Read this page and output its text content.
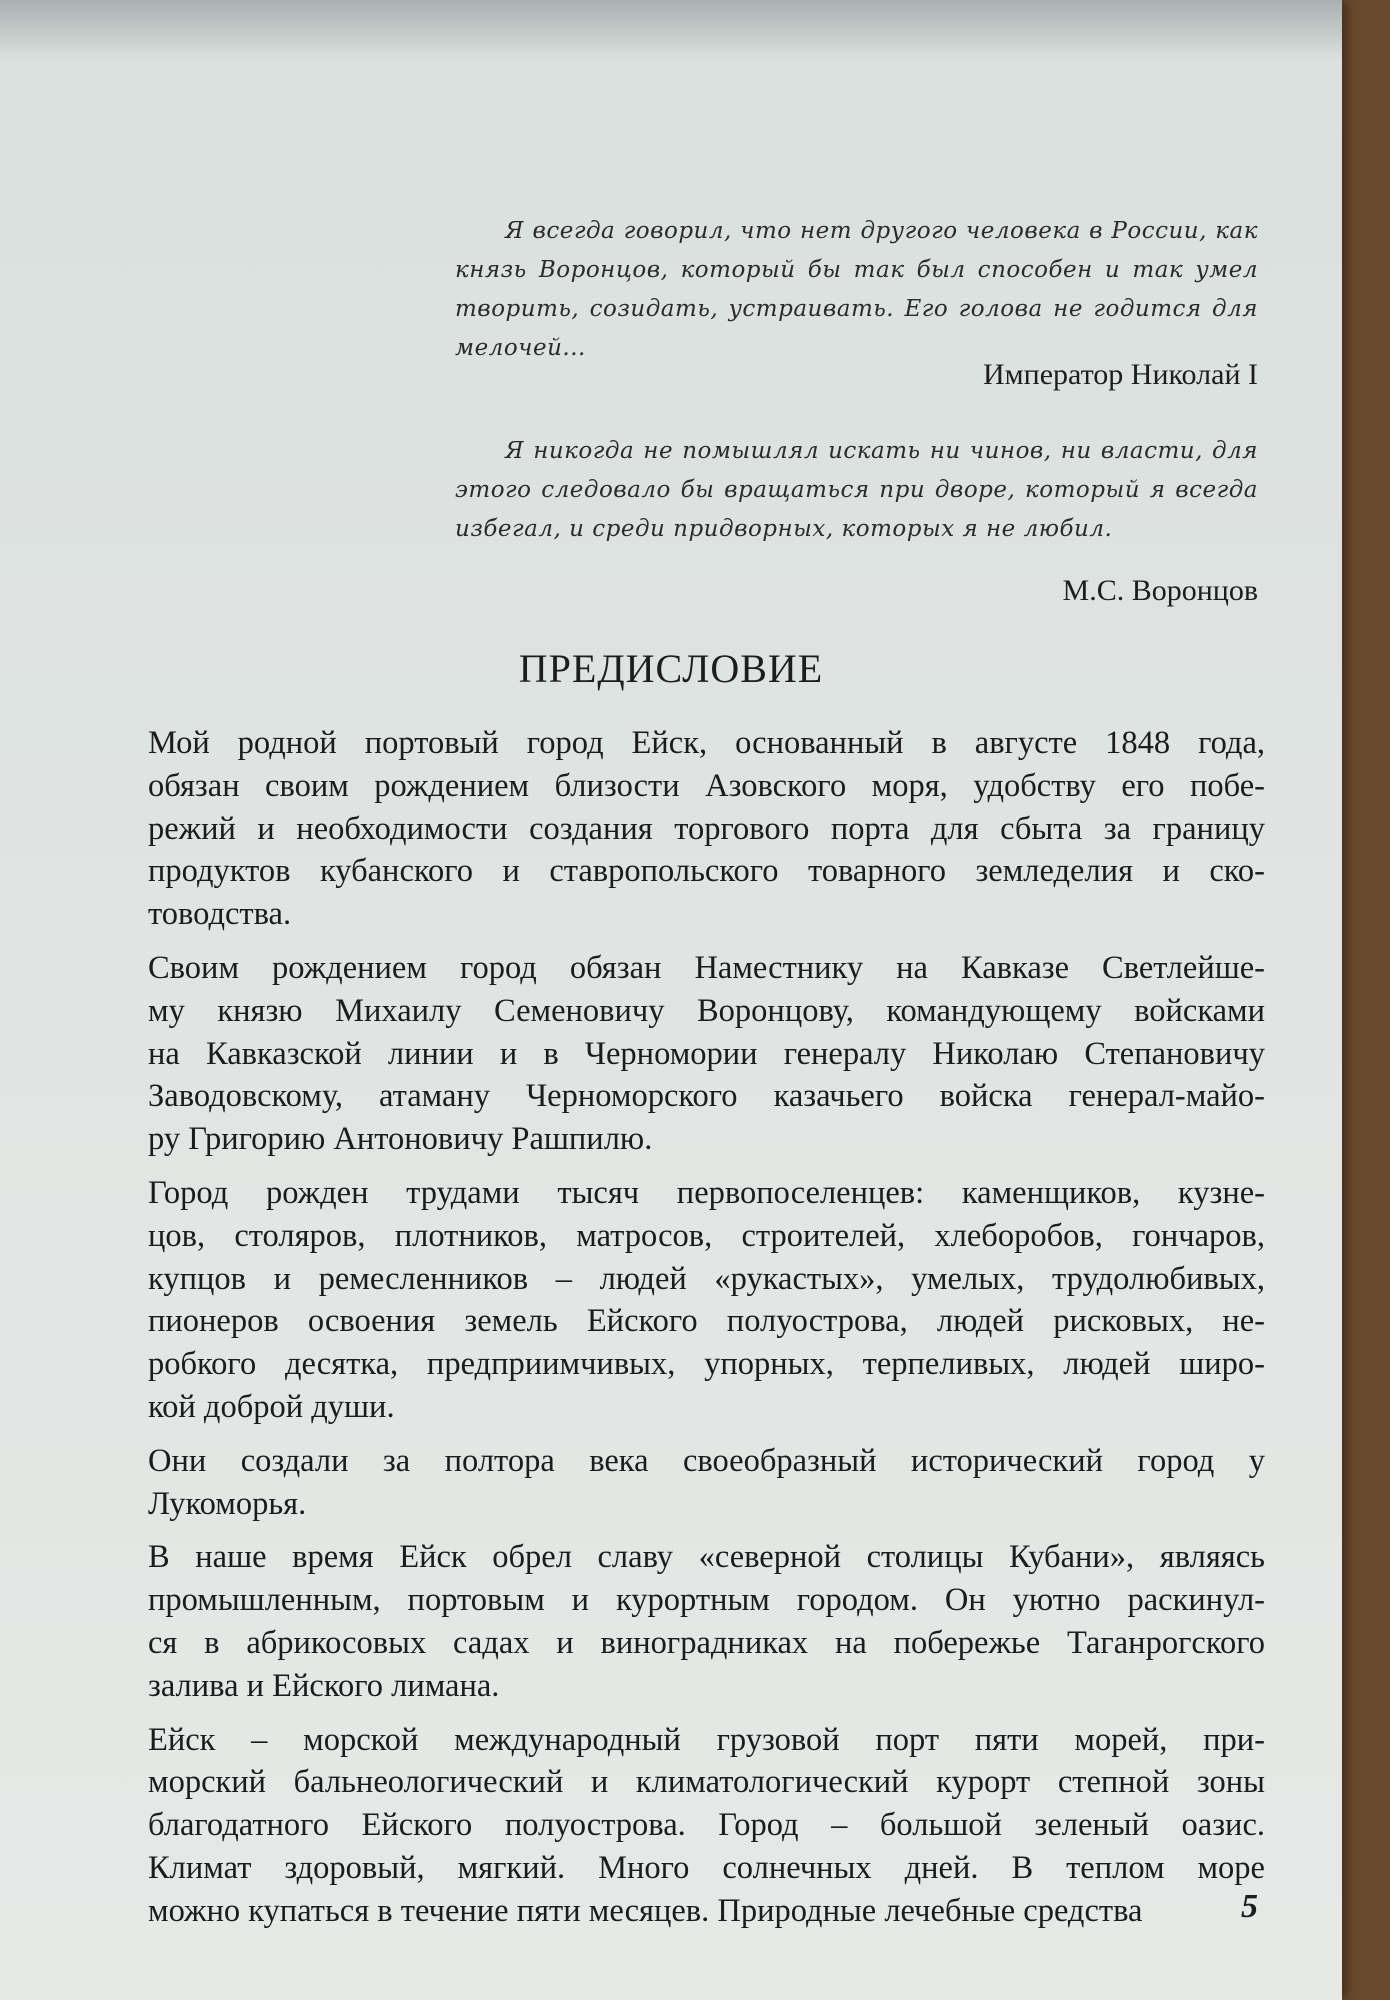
Я всегда говорил, что нет другого человека в России, как князь Воронцов, который бы так был способен и так умел творить, созидать, устраивать. Его голова не годится для мелочей...

Император Николай I

Я никогда не помышлял искать ни чинов, ни власти, для этого следовало бы вращаться при дворе, который я всегда избегал, и среди придворных, которых я не любил.

М.С. Воронцов
ПРЕДИСЛОВИЕ

Мой родной портовый город Ейск, основанный в августе 1848 года,
обязан своим рождением близости Азовского моря, удобству его побе-
режий и необходимости создания торгового порта для сбыта за границу
продуктов кубанского и ставропольского товарного земледелия и ско-
товодства.

Своим рождением город обязан Наместнику на Кавказе Светлейше-
му князю Михаилу Семеновичу Воронцову, командующему войсками
на Кавказской линии и в Черномории генералу Николаю Степановичу
Заводовскому, атаману Черноморского казачьего войска генерал-майо-
ру Григорию Антоновичу Рашпилю.

Город рожден трудами тысяч первопоселенцев: каменщиков, кузне-
цов, столяров, плотников, матросов, строителей, хлеборобов, гончаров,
купцов и ремесленников – людей «рукастых», умелых, трудолюбивых,
пионеров освоения земель Ейского полуострова, людей рисковых, не-
робкого десятка, предприимчивых, упорных, терпеливых, людей широ-
кой доброй души.

Они создали за полтора века своеобразный исторический город у
Лукоморья.

В наше время Ейск обрел славу «северной столицы Кубани», являясь
промышленным, портовым и курортным городом. Он уютно раскинул-
ся в абрикосовых садах и виноградниках на побережье Таганрогского
залива и Ейского лимана.

Ейск – морской международный грузовой порт пяти морей, при-
морский бальнеологический и климатологический курорт степной зоны
благодатного Ейского полуострова. Город – большой зеленый оазис.
Климат здоровый, мягкий. Много солнечных дней. В теплом море
можно купаться в течение пяти месяцев. Природные лечебные средства	5
